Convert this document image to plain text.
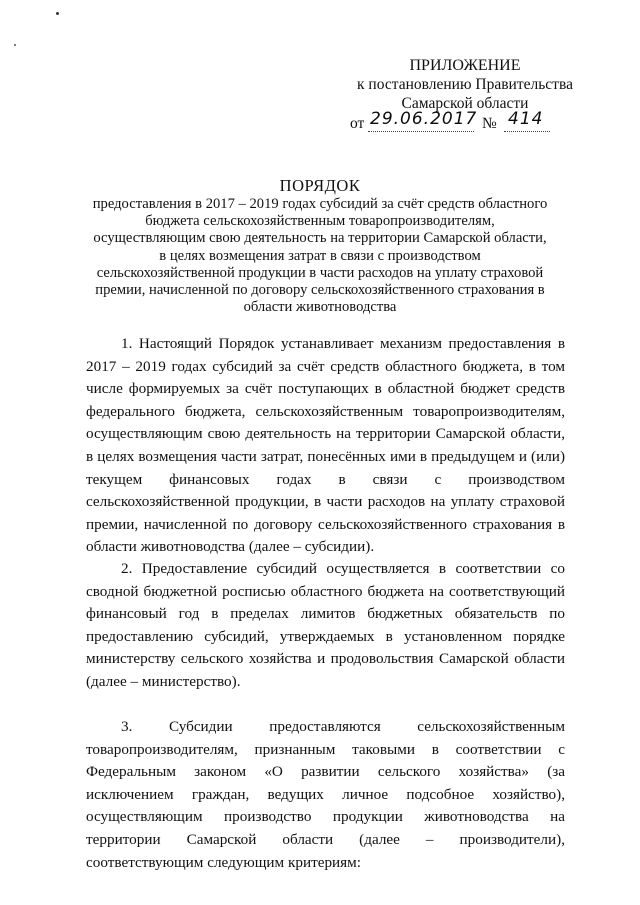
ПРИЛОЖЕНИЕ
к постановлению Правительства
Самарской области
от 29.06.2017 № 414
ПОРЯДОК
предоставления в 2017 – 2019 годах субсидий за счёт средств областного бюджета сельскохозяйственным товаропроизводителям, осуществляющим свою деятельность на территории Самарской области, в целях возмещения затрат в связи с производством сельскохозяйственной продукции в части расходов на уплату страховой премии, начисленной по договору сельскохозяйственного страхования в области животноводства

1. Настоящий Порядок устанавливает механизм предоставления в 2017 – 2019 годах субсидий за счёт средств областного бюджета, в том числе формируемых за счёт поступающих в областной бюджет средств федерального бюджета, сельскохозяйственным товаропроизводителям, осуществляющим свою деятельность на территории Самарской области, в целях возмещения части затрат, понесённых ими в предыдущем и (или) текущем финансовых годах в связи с производством сельскохозяйственной продукции, в части расходов на уплату страховой премии, начисленной по договору сельскохозяйственного страхования в области животноводства (далее – субсидии).

2. Предоставление субсидий осуществляется в соответствии со сводной бюджетной росписью областного бюджета на соответствующий финансовый год в пределах лимитов бюджетных обязательств по предоставлению субсидий, утверждаемых в установленном порядке министерству сельского хозяйства и продовольствия Самарской области (далее – министерство).

3. Субсидии предоставляются сельскохозяйственным товаропроизводителям, признанным таковыми в соответствии с Федеральным законом «О развитии сельского хозяйства» (за исключением граждан, ведущих личное подсобное хозяйство), осуществляющим производство продукции животноводства на территории Самарской области (далее – производители), соответствующим следующим критериям:
